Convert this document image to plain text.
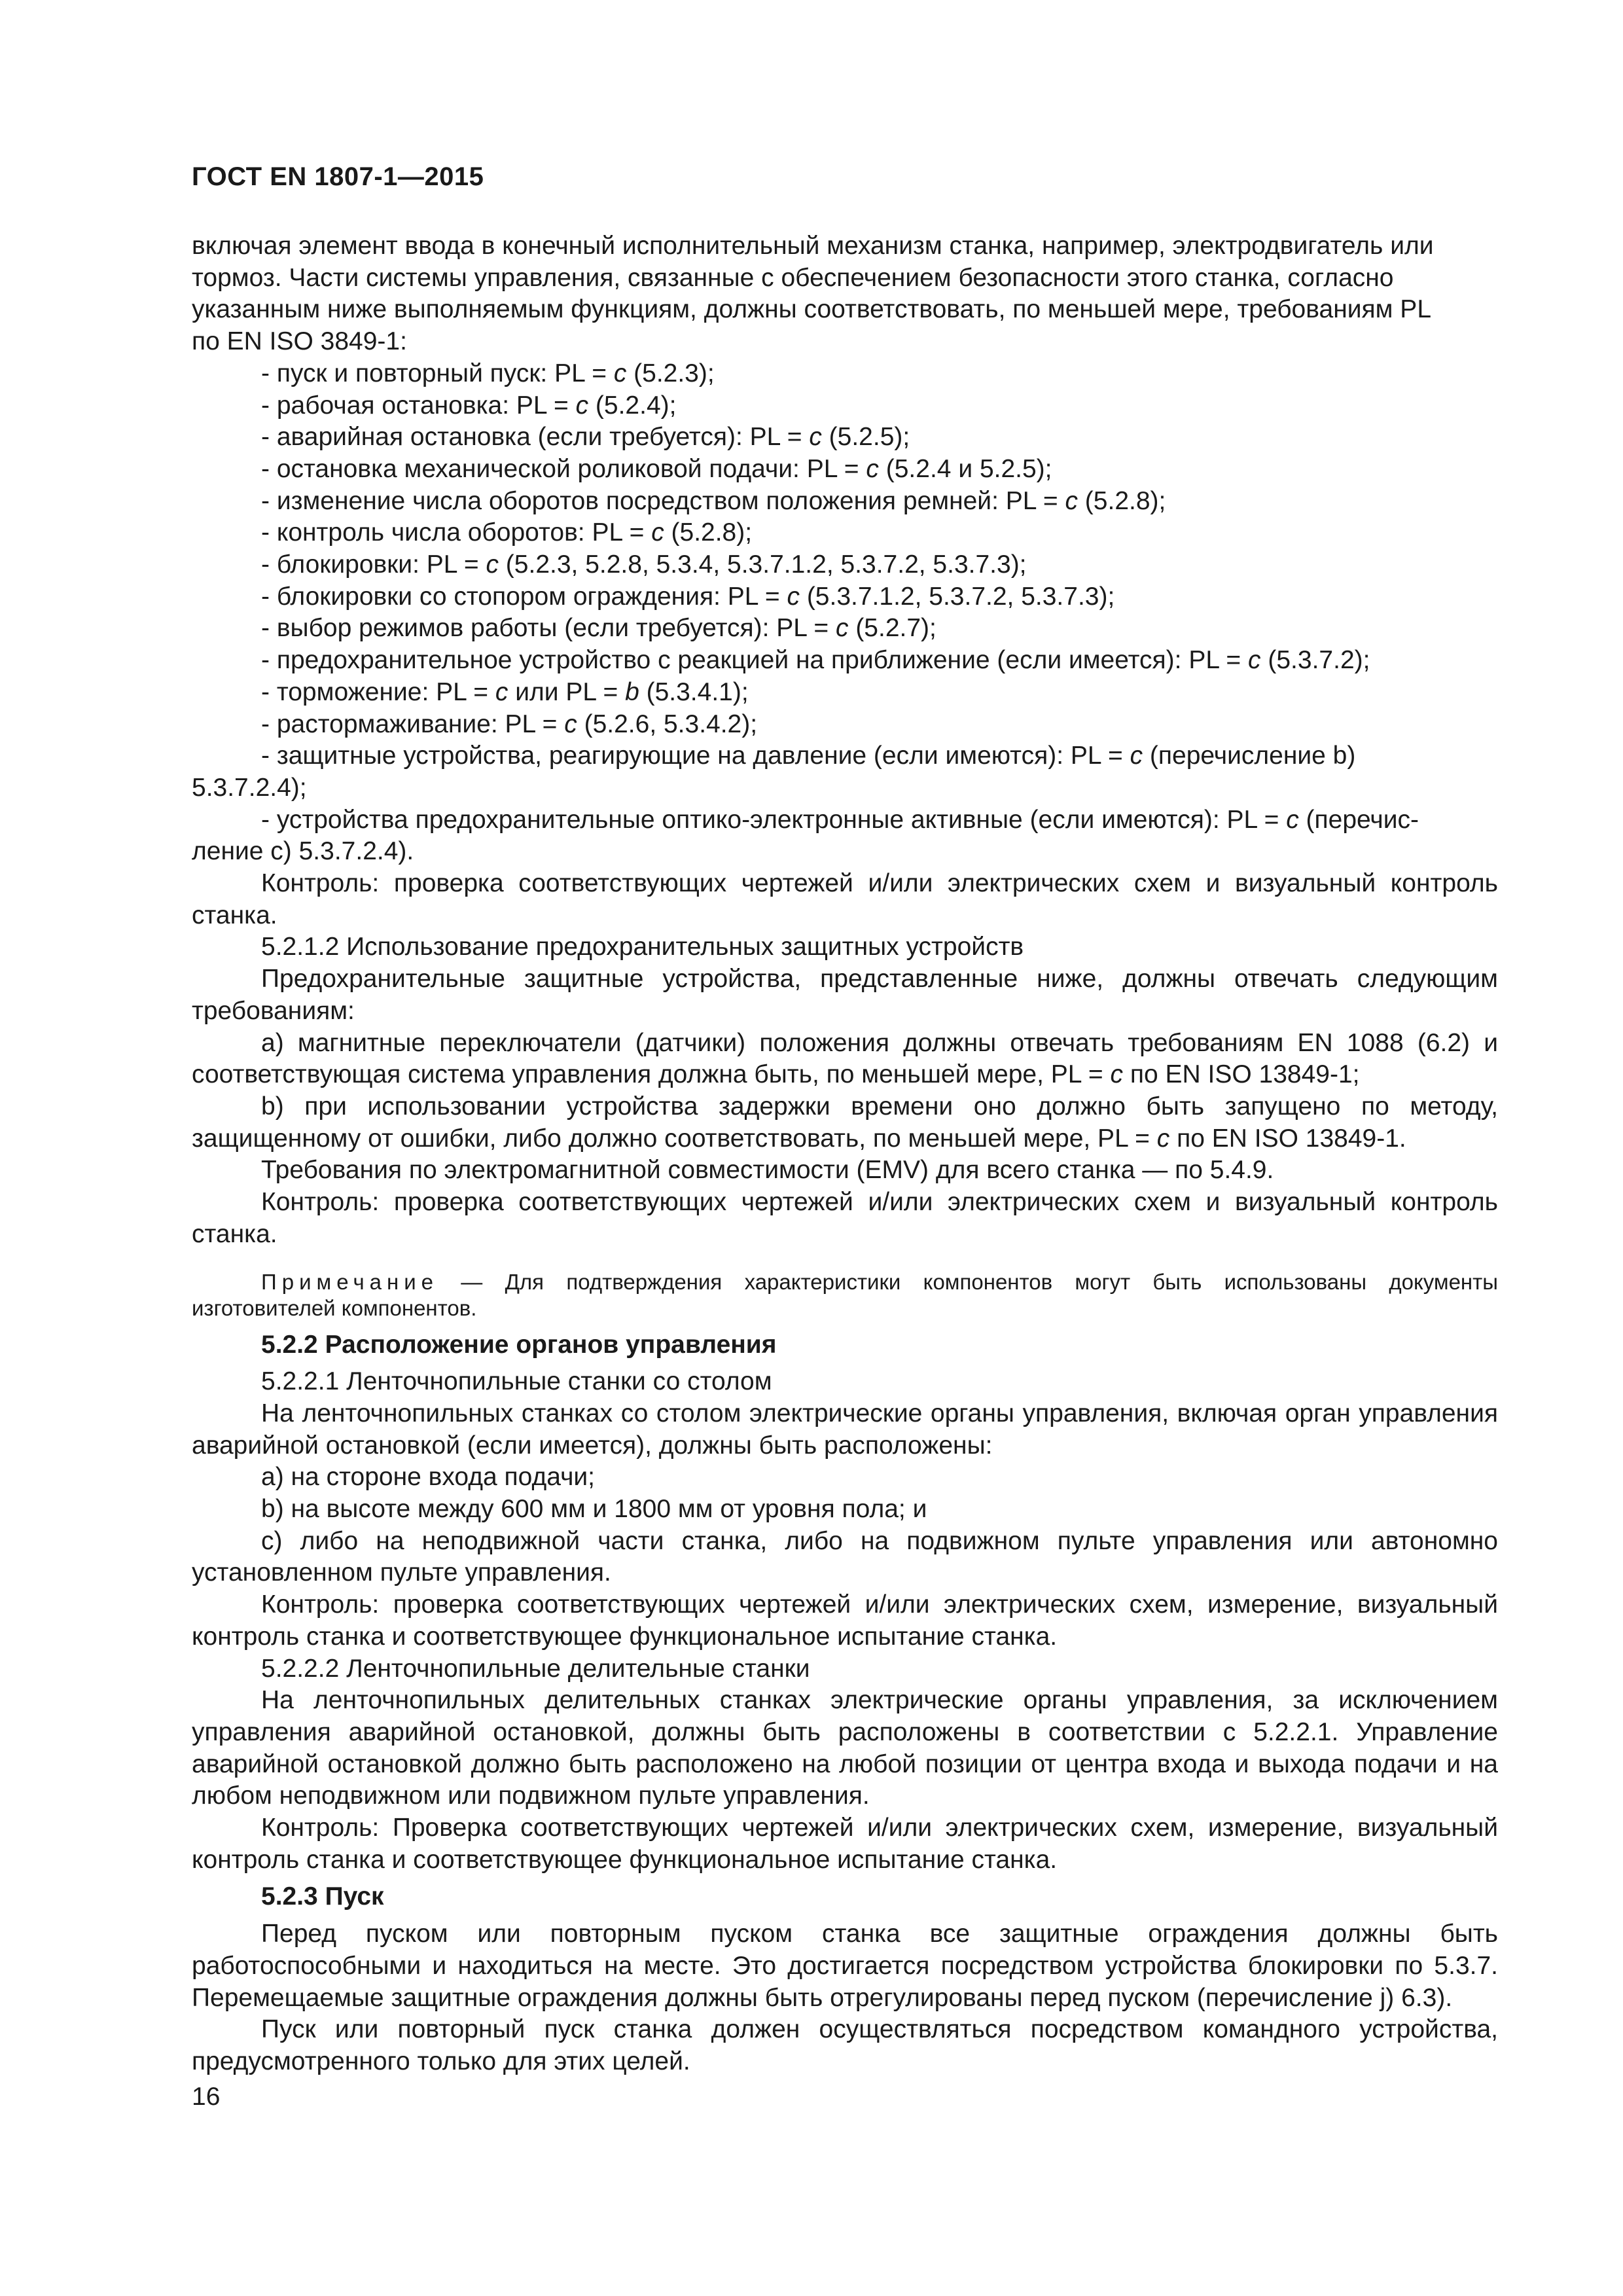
ГОСТ EN 1807-1—2015

включая элемент ввода в конечный исполнительный механизм станка, например, электродвигатель или

тормоз. Части системы управления, связанные с обеспечением безопасности этого станка, согласно

указанным ниже выполняемым функциям, должны соответствовать, по меньшей мере, требованиям PL

по EN ISO 3849-1:

- пуск и повторный пуск: PL = c (5.2.3);

- рабочая остановка: PL = c (5.2.4);

- аварийная остановка (если требуется): PL = c (5.2.5);

- остановка механической роликовой подачи: PL = c (5.2.4 и 5.2.5);

- изменение числа оборотов посредством положения ремней: PL = c (5.2.8);

- контроль числа оборотов: PL = c (5.2.8);

- блокировки: PL = c (5.2.3, 5.2.8, 5.3.4, 5.3.7.1.2, 5.3.7.2, 5.3.7.3);

- блокировки со стопором ограждения: PL = c (5.3.7.1.2, 5.3.7.2, 5.3.7.3);

- выбор режимов работы (если требуется): PL = c (5.2.7);

- предохранительное устройство с реакцией на приближение (если имеется): PL = c (5.3.7.2);

- торможение: PL = c или PL = b (5.3.4.1);

- растормаживание: PL = c (5.2.6, 5.3.4.2);

- защитные устройства, реагирующие на давление (если имеются): PL = c (перечисление b)
5.3.7.2.4);

- устройства предохранительные оптико-электронные активные (если имеются): PL = c (перечис-
ление c) 5.3.7.2.4).

Контроль: проверка соответствующих чертежей и/или электрических схем и визуальный контроль станка.

5.2.1.2 Использование предохранительных защитных устройств

Предохранительные защитные устройства, представленные ниже, должны отвечать следующим требованиям:

a) магнитные переключатели (датчики) положения должны отвечать требованиям EN 1088 (6.2) и соответствующая система управления должна быть, по меньшей мере, PL = c по EN ISO 13849-1;

b) при использовании устройства задержки времени оно должно быть запущено по методу, защищенному от ошибки, либо должно соответствовать, по меньшей мере, PL = c по EN ISO 13849-1.

Требования по электромагнитной совместимости (EMV) для всего станка — по 5.4.9.

Контроль: проверка соответствующих чертежей и/или электрических схем и визуальный контроль станка.

Примечание — Для подтверждения характеристики компонентов могут быть использованы документы изготовителей компонентов.

5.2.2 Расположение органов управления

5.2.2.1 Ленточнопильные станки со столом

На ленточнопильных станках со столом электрические органы управления, включая орган управления аварийной остановкой (если имеется), должны быть расположены:

a) на стороне входа подачи;

b) на высоте между 600 мм и 1800 мм от уровня пола; и

c) либо на неподвижной части станка, либо на подвижном пульте управления или автономно установленном пульте управления.

Контроль: проверка соответствующих чертежей и/или электрических схем, измерение, визуальный контроль станка и соответствующее функциональное испытание станка.

5.2.2.2 Ленточнопильные делительные станки

На ленточнопильных делительных станках электрические органы управления, за исключением управления аварийной остановкой, должны быть расположены в соответствии с 5.2.2.1. Управление аварийной остановкой должно быть расположено на любой позиции от центра входа и выхода подачи и на любом неподвижном или подвижном пульте управления.

Контроль: Проверка соответствующих чертежей и/или электрических схем, измерение, визуальный контроль станка и соответствующее функциональное испытание станка.

5.2.3 Пуск

Перед пуском или повторным пуском станка все защитные ограждения должны быть работоспособными и находиться на месте. Это достигается посредством устройства блокировки по 5.3.7. Перемещаемые защитные ограждения должны быть отрегулированы перед пуском (перечисление j) 6.3).

Пуск или повторный пуск станка должен осуществляться посредством командного устройства, предусмотренного только для этих целей.

16
